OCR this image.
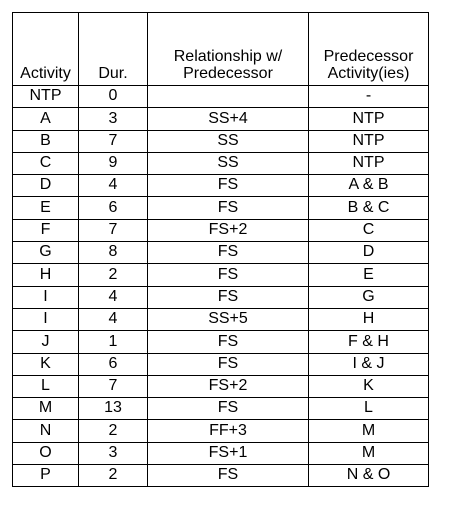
Activity	Dur.	Relationship w/ Predecessor	Predecessor Activity(ies)

NTP	0		-
A	3	SS+4	NTP
B	7	SS	NTP
C	9	SS	NTP
D	4	FS	A & B
E	6	FS	B & C
F	7	FS+2	C
G	8	FS	D
H	2	FS	E
I	4	FS	G
I	4	SS+5	H
J	1	FS	F & H
K	6	FS	I & J
L	7	FS+2	K
M	13	FS	L
N	2	FF+3	M
O	3	FS+1	M
P	2	FS	N & O
